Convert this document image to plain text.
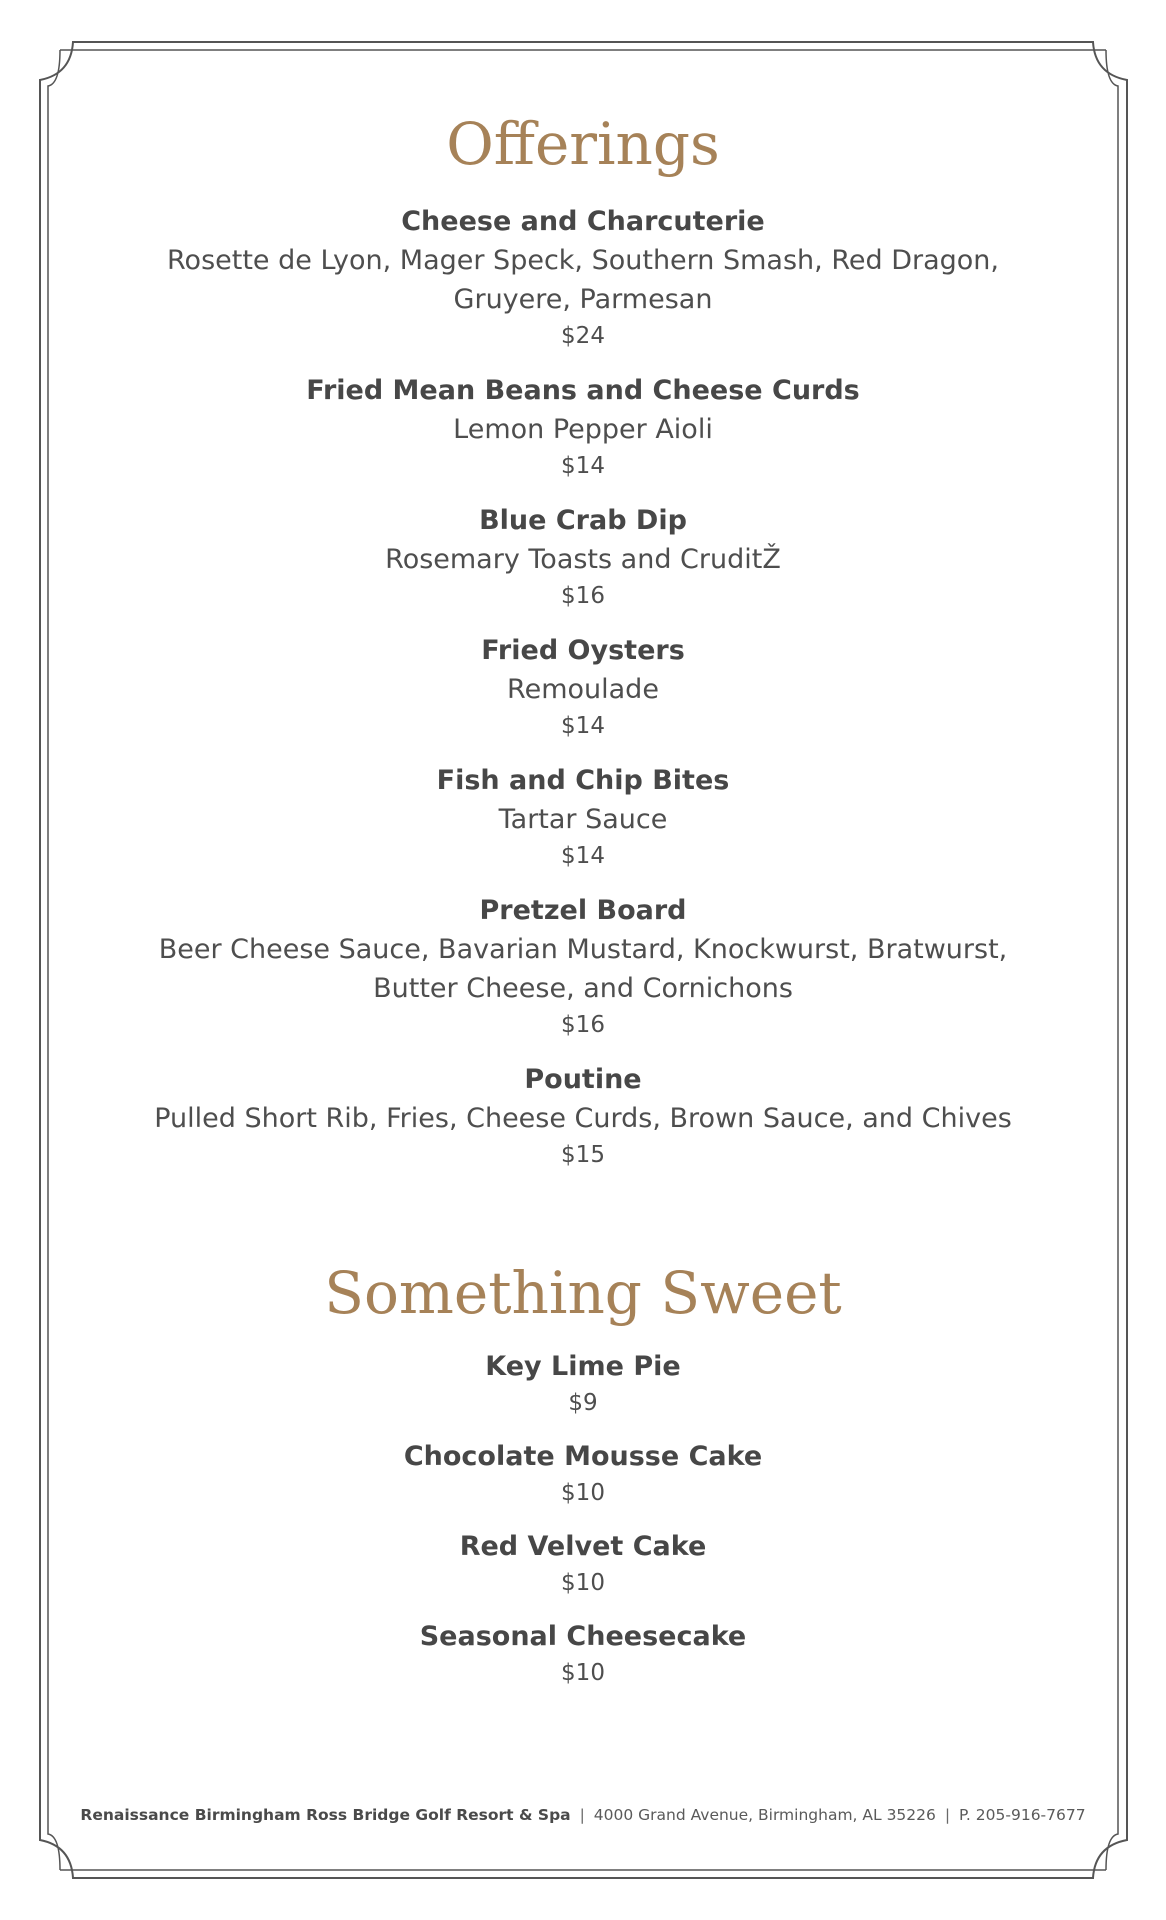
Offerings
Cheese and Charcuterie
Rosette de Lyon, Mager Speck, Southern Smash, Red Dragon, Gruyere, Parmesan
$24
Fried Mean Beans and Cheese Curds
Lemon Pepper Aioli
$14
Blue Crab Dip
Rosemary Toasts and CruditŽ
$16
Fried Oysters
Remoulade
$14
Fish and Chip Bites
Tartar Sauce
$14
Pretzel Board
Beer Cheese Sauce, Bavarian Mustard, Knockwurst, Bratwurst, Butter Cheese, and Cornichons
$16
Poutine
Pulled Short Rib, Fries, Cheese Curds, Brown Sauce, and Chives
$15
Something Sweet
Key Lime Pie
$9
Chocolate Mousse Cake
$10
Red Velvet Cake
$10
Seasonal Cheesecake
$10
Renaissance Birmingham Ross Bridge Golf Resort & Spa | 4000 Grand Avenue, Birmingham, AL 35226 | P. 205-916-7677
